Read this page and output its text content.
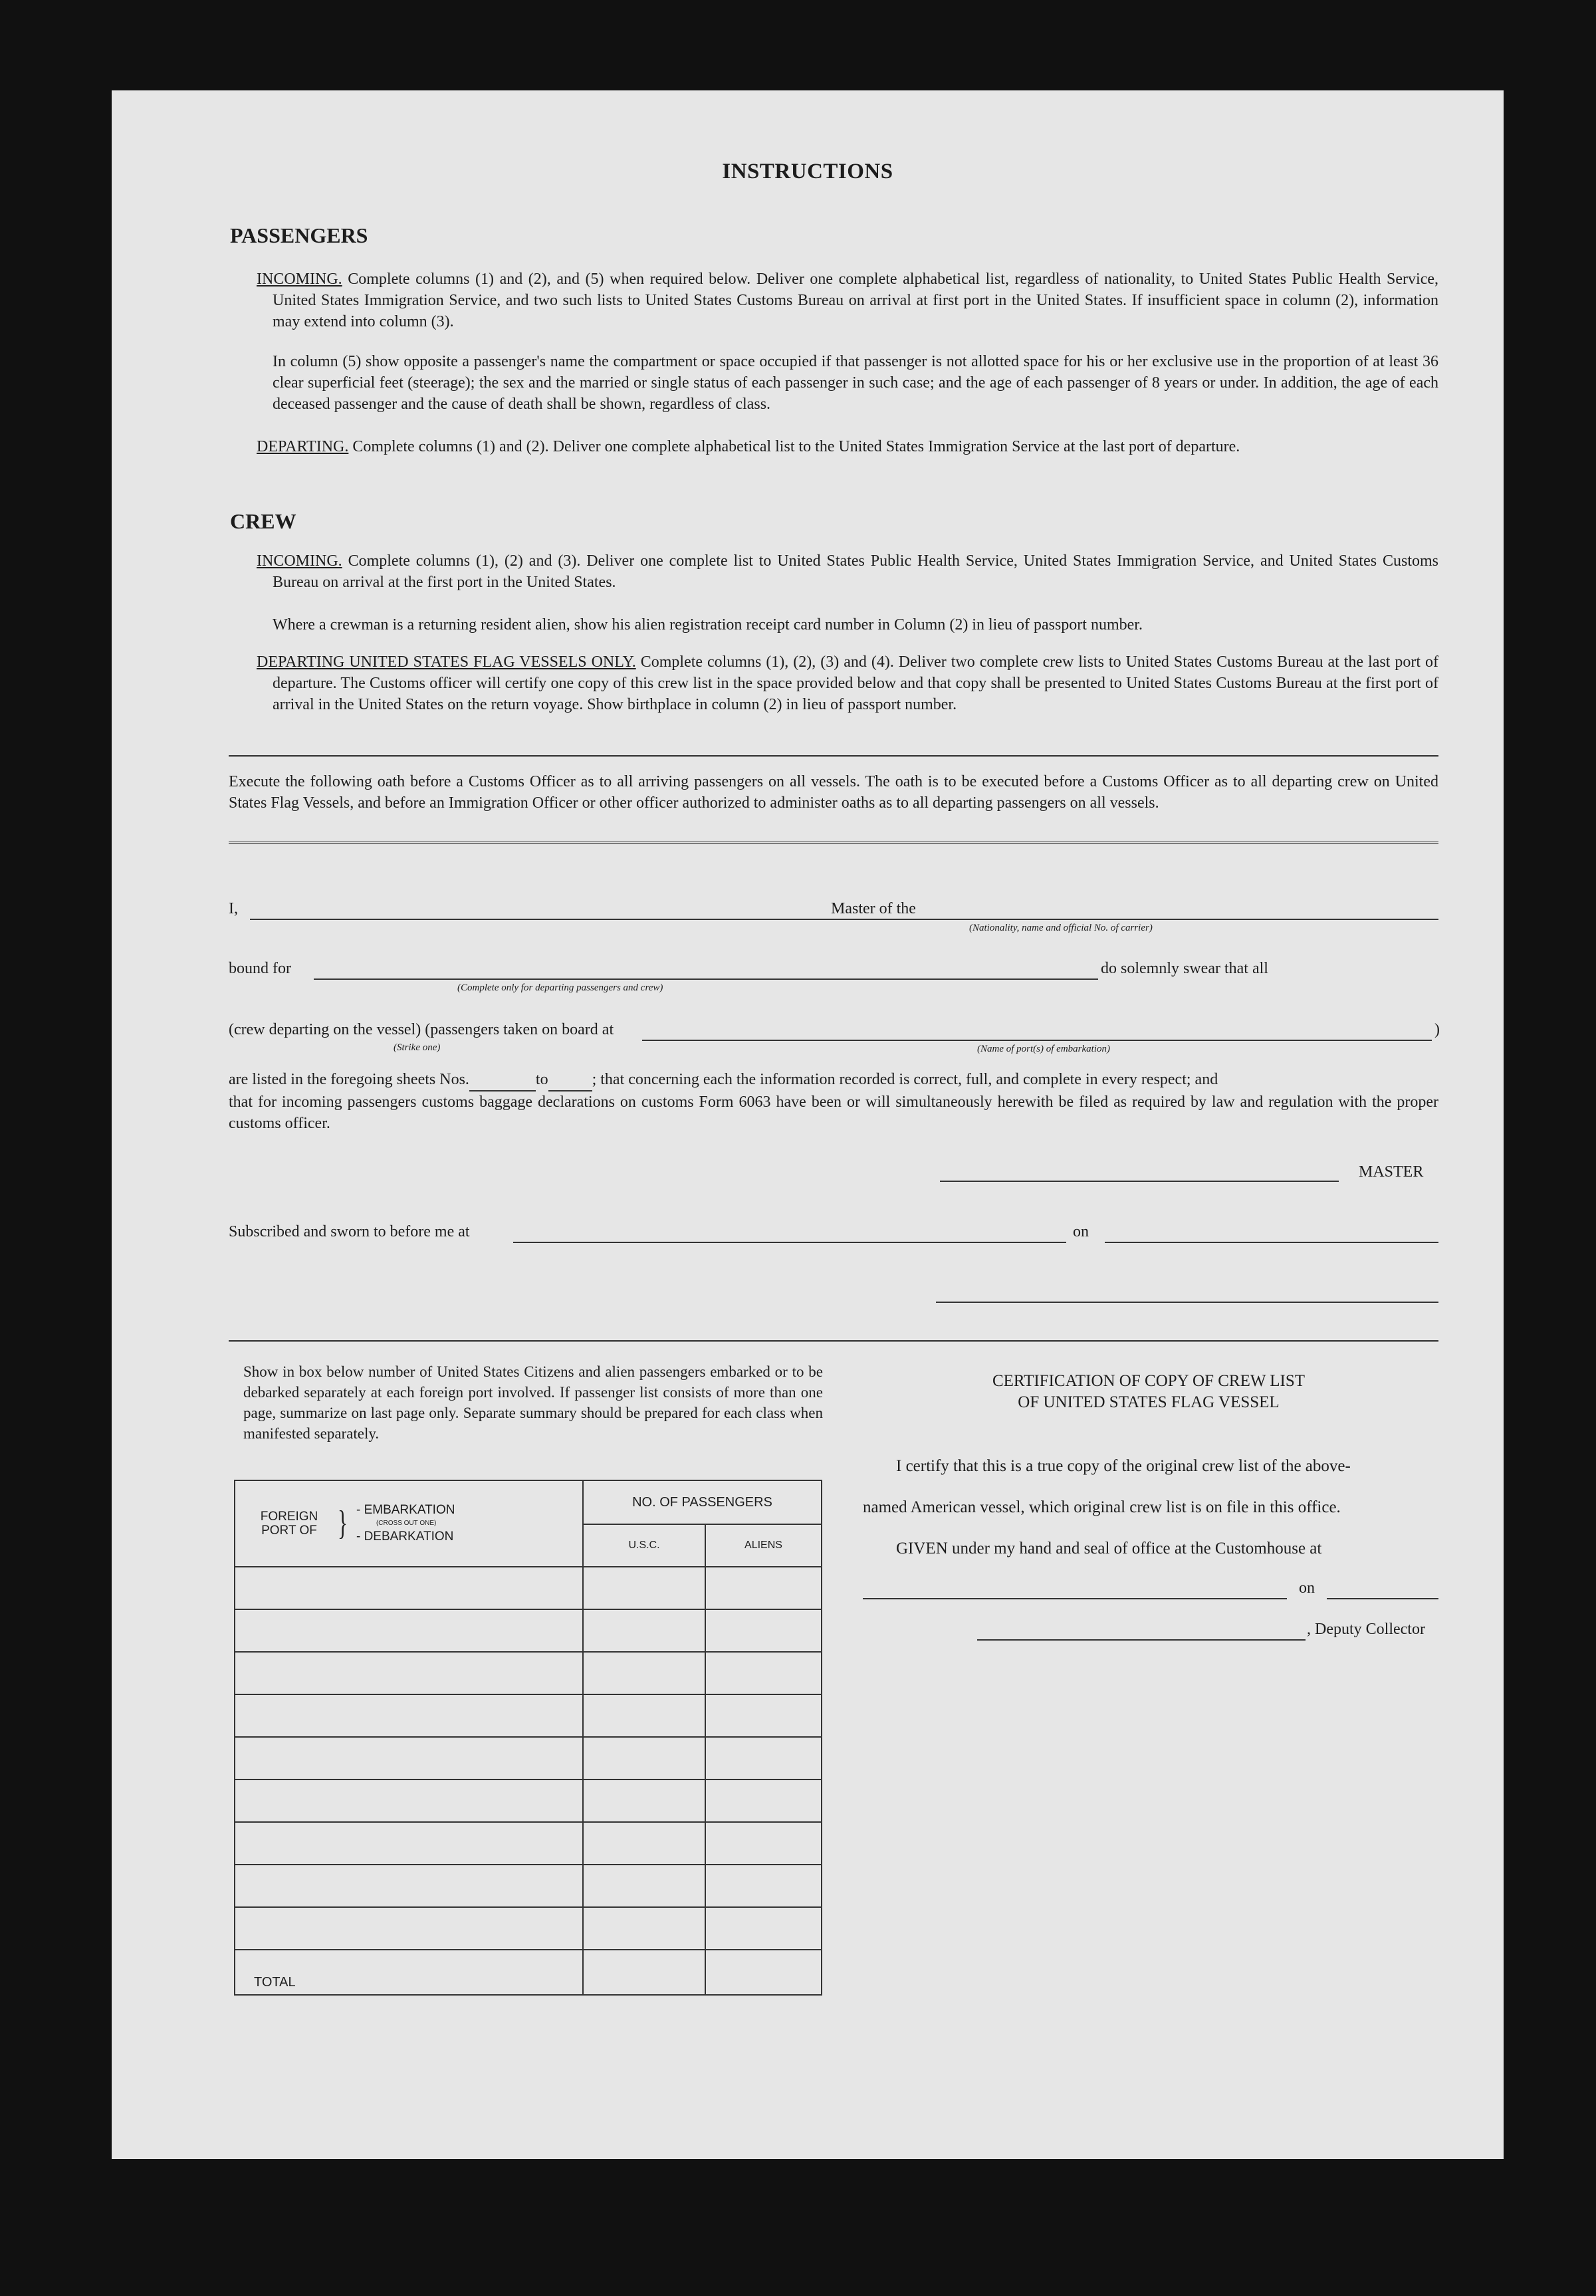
INSTRUCTIONS
PASSENGERS
INCOMING. Complete columns (1) and (2), and (5) when required below. Deliver one complete alphabetical list, regardless of nationality, to United States Public Health Service, United States Immigration Service, and two such lists to United States Customs Bureau on arrival at first port in the United States. If insufficient space in column (2), information may extend into column (3).
In column (5) show opposite a passenger's name the compartment or space occupied if that passenger is not allotted space for his or her exclusive use in the proportion of at least 36 clear superficial feet (steerage); the sex and the married or single status of each passenger in such case; and the age of each passenger of 8 years or under. In addition, the age of each deceased passenger and the cause of death shall be shown, regardless of class.
DEPARTING. Complete columns (1) and (2). Deliver one complete alphabetical list to the United States Immigration Service at the last port of departure.
CREW
INCOMING. Complete columns (1), (2) and (3). Deliver one complete list to United States Public Health Service, United States Immigration Service, and United States Customs Bureau on arrival at the first port in the United States.
Where a crewman is a returning resident alien, show his alien registration receipt card number in Column (2) in lieu of passport number.
DEPARTING UNITED STATES FLAG VESSELS ONLY. Complete columns (1), (2), (3) and (4). Deliver two complete crew lists to United States Customs Bureau at the last port of departure. The Customs officer will certify one copy of this crew list in the space provided below and that copy shall be presented to United States Customs Bureau at the first port of arrival in the United States on the return voyage. Show birthplace in column (2) in lieu of passport number.
Execute the following oath before a Customs Officer as to all arriving passengers on all vessels. The oath is to be executed before a Customs Officer as to all departing crew on United States Flag Vessels, and before an Immigration Officer or other officer authorized to administer oaths as to all departing passengers on all vessels.
I,	Master of the
(Nationality, name and official No. of carrier)
bound for
(Complete only for departing passengers and crew)
do solemnly swear that all
(crew departing on the vessel) (passengers taken on board at
(Strike one)	(Name of port(s) of embarkation)
)
are listed in the foregoing sheets Nos.	to	; that concerning each the information recorded is correct, full, and complete in every respect; and
that for incoming passengers customs baggage declarations on customs Form 6063 have been or will simultaneously herewith be filed as required by law and regulation with the proper customs officer.
MASTER
Subscribed and sworn to before me at	on
Show in box below number of United States Citizens and alien passengers embarked or to be debarked separately at each foreign port involved. If passenger list consists of more than one page, summarize on last page only. Separate summary should be prepared for each class when manifested separately.
FOREIGN PORT OF } - EMBARKATION
(CROSS OUT ONE)
- DEBARKATION	NO. OF PASSENGERS	
	U.S.C.	ALIENS

TOTAL		
CERTIFICATION OF COPY OF CREW LIST
OF UNITED STATES FLAG VESSEL
I certify that this is a true copy of the original crew list of the above-
named American vessel, which original crew list is on file in this office.
GIVEN under my hand and seal of office at the Customhouse at
on
, Deputy Collector
